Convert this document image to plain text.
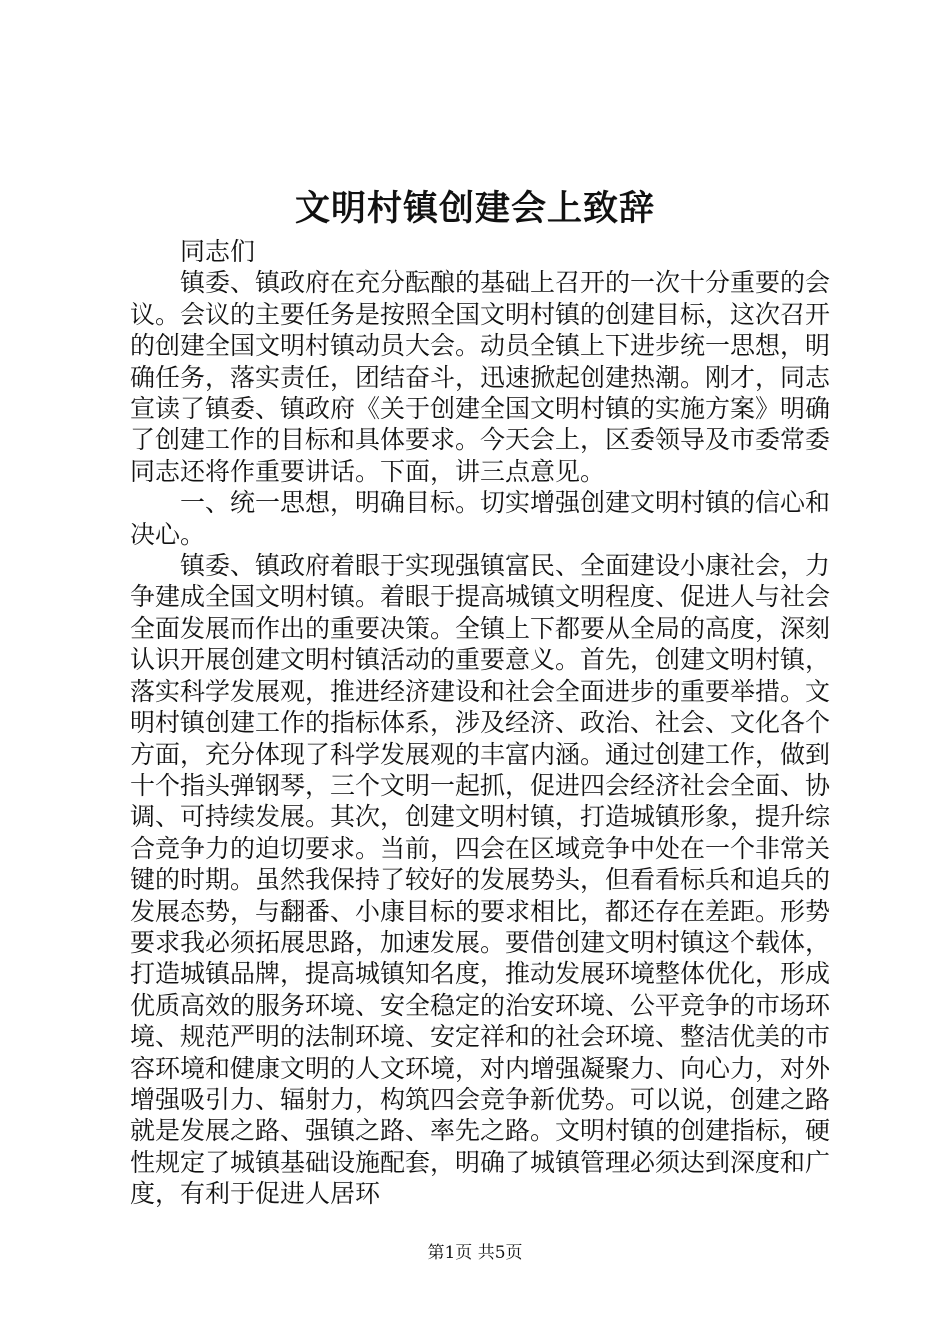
文明村镇创建会上致辞

同志们

镇委、镇政府在充分酝酿的基础上召开的一次十分重要的会议。会议的主要任务是按照全国文明村镇的创建目标，这次召开的创建全国文明村镇动员大会。动员全镇上下进步统一思想，明确任务，落实责任，团结奋斗，迅速掀起创建热潮。刚才，同志宣读了镇委、镇政府《关于创建全国文明村镇的实施方案》明确了创建工作的目标和具体要求。今天会上，区委领导及市委常委同志还将作重要讲话。下面，讲三点意见。

一、统一思想，明确目标。切实增强创建文明村镇的信心和决心。

镇委、镇政府着眼于实现强镇富民、全面建设小康社会，力争建成全国文明村镇。着眼于提高城镇文明程度、促进人与社会全面发展而作出的重要决策。全镇上下都要从全局的高度，深刻认识开展创建文明村镇活动的重要意义。首先，创建文明村镇，落实科学发展观，推进经济建设和社会全面进步的重要举措。文明村镇创建工作的指标体系，涉及经济、政治、社会、文化各个方面，充分体现了科学发展观的丰富内涵。通过创建工作，做到十个指头弹钢琴，三个文明一起抓，促进四会经济社会全面、协调、可持续发展。其次，创建文明村镇，打造城镇形象，提升综合竞争力的迫切要求。当前，四会在区域竞争中处在一个非常关键的时期。虽然我保持了较好的发展势头，但看看标兵和追兵的发展态势，与翻番、小康目标的要求相比，都还存在差距。形势要求我必须拓展思路，加速发展。要借创建文明村镇这个载体，打造城镇品牌，提高城镇知名度，推动发展环境整体优化，形成优质高效的服务环境、安全稳定的治安环境、公平竞争的市场环境、规范严明的法制环境、安定祥和的社会环境、整洁优美的市容环境和健康文明的人文环境，对内增强凝聚力、向心力，对外增强吸引力、辐射力，构筑四会竞争新优势。可以说，创建之路就是发展之路、强镇之路、率先之路。文明村镇的创建指标，硬性规定了城镇基础设施配套，明确了城镇管理必须达到深度和广度，有利于促进人居环

第1页 共5页
